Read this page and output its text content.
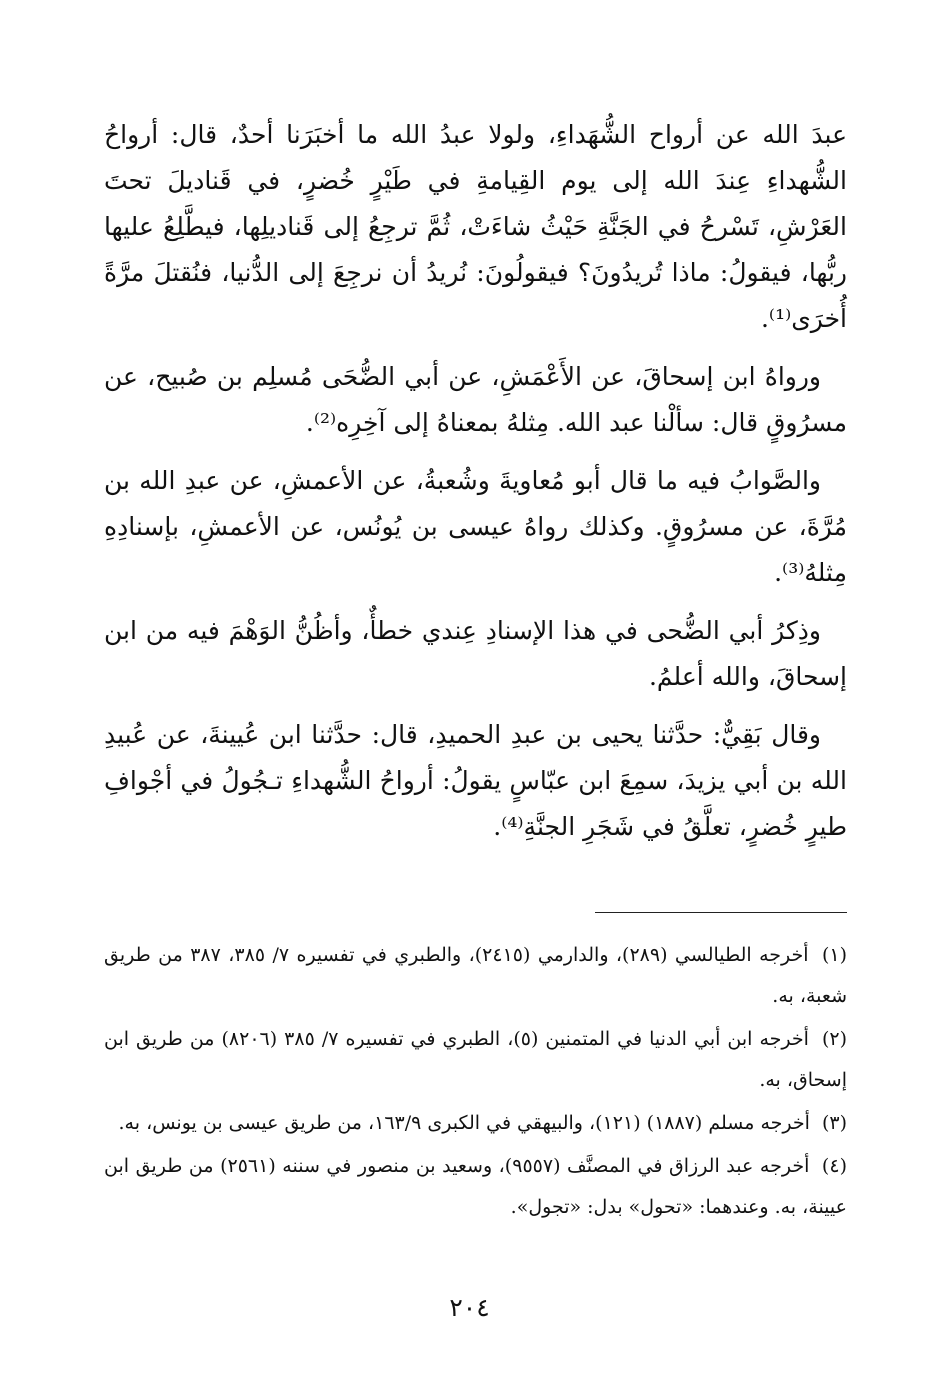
عبدَ الله عن أرواح الشُّهَداءِ، ولولا عبدُ الله ما أخبَرَنا أحدٌ، قال: أرواحُ الشُّهداءِ عِندَ الله إلى يوم القِيامةِ في طَيْرٍ خُضرٍ، في قَناديلَ تحتَ العَرْشِ، تَسْرحُ في الجَنَّةِ حَيْثُ شاءَتْ، ثُمَّ ترجِعُ إلى قَناديلِها، فيطَّلِعُ عليها ربُّها، فيقولُ: ماذا تُريدُونَ؟ فيقولُونَ: نُريدُ أن نرجِعَ إلى الدُّنيا، فنُقتلَ مرَّةً أُخرَى⁽¹⁾.

ورواهُ ابن إسحاقَ، عن الأَعْمَشِ، عن أبي الضُّحَى مُسلِم بن صُبيح، عن مسرُوقٍ قال: سألْنا عبد الله. مِثلهُ بمعناهُ إلى آخِرِه⁽²⁾.

والصَّوابُ فيه ما قال أبو مُعاويةَ وشُعبةُ، عن الأعمشِ، عن عبدِ الله بن مُرَّةَ، عن مسرُوقٍ. وكذلك رواهُ عيسى بن يُونُس، عن الأعمشِ، بإسنادِهِ مِثلهُ⁽³⁾.

وذِكرُ أبي الضُّحى في هذا الإسنادِ عِندي خطأٌ، وأظُنُّ الوَهْمَ فيه من ابن إسحاقَ، والله أعلمُ.

وقال بَقِيٌّ: حدَّثنا يحيى بن عبدِ الحميدِ، قال: حدَّثنا ابن عُيينةَ، عن عُبيدِ الله بن أبي يزيدَ، سمِعَ ابن عبّاسٍ يقولُ: أرواحُ الشُّهداءِ تـجُولُ في أجْوافِ طيرٍ خُضرٍ، تعلَّقُ في شَجَرِ الجنَّةِ⁽⁴⁾.

(١) أخرجه الطيالسي (٢٨٩)، والدارمي (٢٤١٥)، والطبري في تفسيره ٧/ ٣٨٥، ٣٨٧ من طريق شعبة، به.

(٢) أخرجه ابن أبي الدنيا في المتمنين (٥)، الطبري في تفسيره ٧/ ٣٨٥ (٨٢٠٦) من طريق ابن إسحاق، به.

(٣) أخرجه مسلم (١٨٨٧) (١٢١)، والبيهقي في الكبرى ١٦٣/٩، من طريق عيسى بن يونس، به.

(٤) أخرجه عبد الرزاق في المصنَّف (٩٥٥٧)، وسعيد بن منصور في سننه (٢٥٦١) من طريق ابن عيينة، به. وعندهما: «تحول» بدل: «تجول».

٢٠٤
